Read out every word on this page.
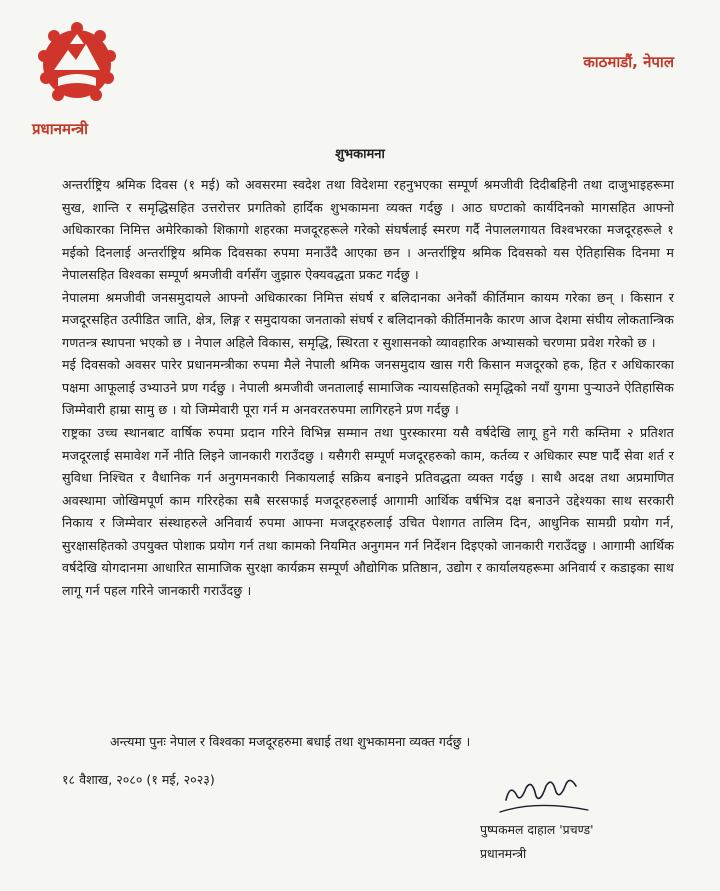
प्रधानमन्त्री
काठमाडौं, नेपाल
शुभकामना

अन्तर्राष्ट्रिय श्रमिक दिवस (१ मई) को अवसरमा स्वदेश तथा विदेशमा रहनुभएका सम्पूर्ण श्रमजीवी दिदीबहिनी तथा दाजुभाइहरूमा सुख, शान्ति र समृद्धिसहित उत्तरोत्तर प्रगतिको हार्दिक शुभकामना व्यक्त गर्दछु । आठ घण्टाको कार्यदिनको मागसहित आफ्नो अधिकारका निमित्त अमेरिकाको शिकागो शहरका मजदूरहरूले गरेको संघर्षलाई स्मरण गर्दै नेपाललगायत विश्वभरका मजदूरहरूले १ मईको दिनलाई अन्तर्राष्ट्रिय श्रमिक दिवसका रुपमा मनाउँदै आएका छन । अन्तर्राष्ट्रिय श्रमिक दिवसको यस ऐतिहासिक दिनमा म नेपालसहित विश्वका सम्पूर्ण श्रमजीवी वर्गसँग जुझारु ऐक्यवद्धता प्रकट गर्दछु ।

नेपालमा श्रमजीवी जनसमुदायले आफ्नो अधिकारका निमित्त संघर्ष र बलिदानका अनेकौं कीर्तिमान कायम गरेका छन् । किसान र मजदूरसहित उत्पीडित जाति, क्षेत्र, लिङ्ग र समुदायका जनताको संघर्ष र बलिदानको कीर्तिमानकै कारण आज देशमा संघीय लोकतान्त्रिक गणतन्त्र स्थापना भएको छ । नेपाल अहिले विकास, समृद्धि, स्थिरता र सुशासनको व्यावहारिक अभ्यासको चरणमा प्रवेश गरेको छ ।

मई दिवसको अवसर पारेर प्रधानमन्त्रीका रुपमा मैले नेपाली श्रमिक जनसमुदाय खास गरी किसान मजदूरको हक, हित र अधिकारका पक्षमा आफूलाई उभ्याउने प्रण गर्दछु । नेपाली श्रमजीवी जनतालाई सामाजिक न्यायसहितको समृद्धिको नयाँ युगमा पुऱ्याउने ऐतिहासिक जिम्मेवारी हाम्रा सामु छ । यो जिम्मेवारी पूरा गर्न म अनवरतरुपमा लागिरहने प्रण गर्दछु ।

राष्ट्रका उच्च स्थानबाट वार्षिक रुपमा प्रदान गरिने विभिन्न सम्मान तथा पुरस्कारमा यसै वर्षदेखि लागू हुने गरी कम्तिमा २ प्रतिशत मजदूरलाई समावेश गर्ने नीति लिइने जानकारी गराउँदछु । यसैगरी सम्पूर्ण मजदूरहरुको काम, कर्तव्य र अधिकार स्पष्ट पार्दै सेवा शर्त र सुविधा निश्चित र वैधानिक गर्न अनुगमनकारी निकायलाई सक्रिय बनाइने प्रतिवद्धता व्यक्त गर्दछु । साथै अदक्ष तथा अप्रमाणित अवस्थामा जोखिमपूर्ण काम गरिरहेका सबै सरसफाई मजदूरहरुलाई आगामी आर्थिक वर्षभित्र दक्ष बनाउने उद्देश्यका साथ सरकारी निकाय र जिम्मेवार संस्थाहरुले अनिवार्य रुपमा आफ्ना मजदूरहरुलाई उचित पेशागत तालिम दिन, आधुनिक सामग्री प्रयोग गर्न, सुरक्षासहितको उपयुक्त पोशाक प्रयोग गर्न तथा कामको नियमित अनुगमन गर्न निर्देशन दिइएको जानकारी गराउँदछु । आगामी आर्थिक वर्षदेखि योगदानमा आधारित सामाजिक सुरक्षा कार्यक्रम सम्पूर्ण औद्योगिक प्रतिष्ठान, उद्योग र कार्यालयहरूमा अनिवार्य र कडाइका साथ लागू गर्न पहल गरिने जानकारी गराउँदछु ।

अन्त्यमा पुनः नेपाल र विश्वका मजदूरहरुमा बधाई तथा शुभकामना व्यक्त गर्दछु ।
१८ वैशाख, २०८० (१ मई, २०२३)
पुष्पकमल दाहाल 'प्रचण्ड'
प्रधानमन्त्री
